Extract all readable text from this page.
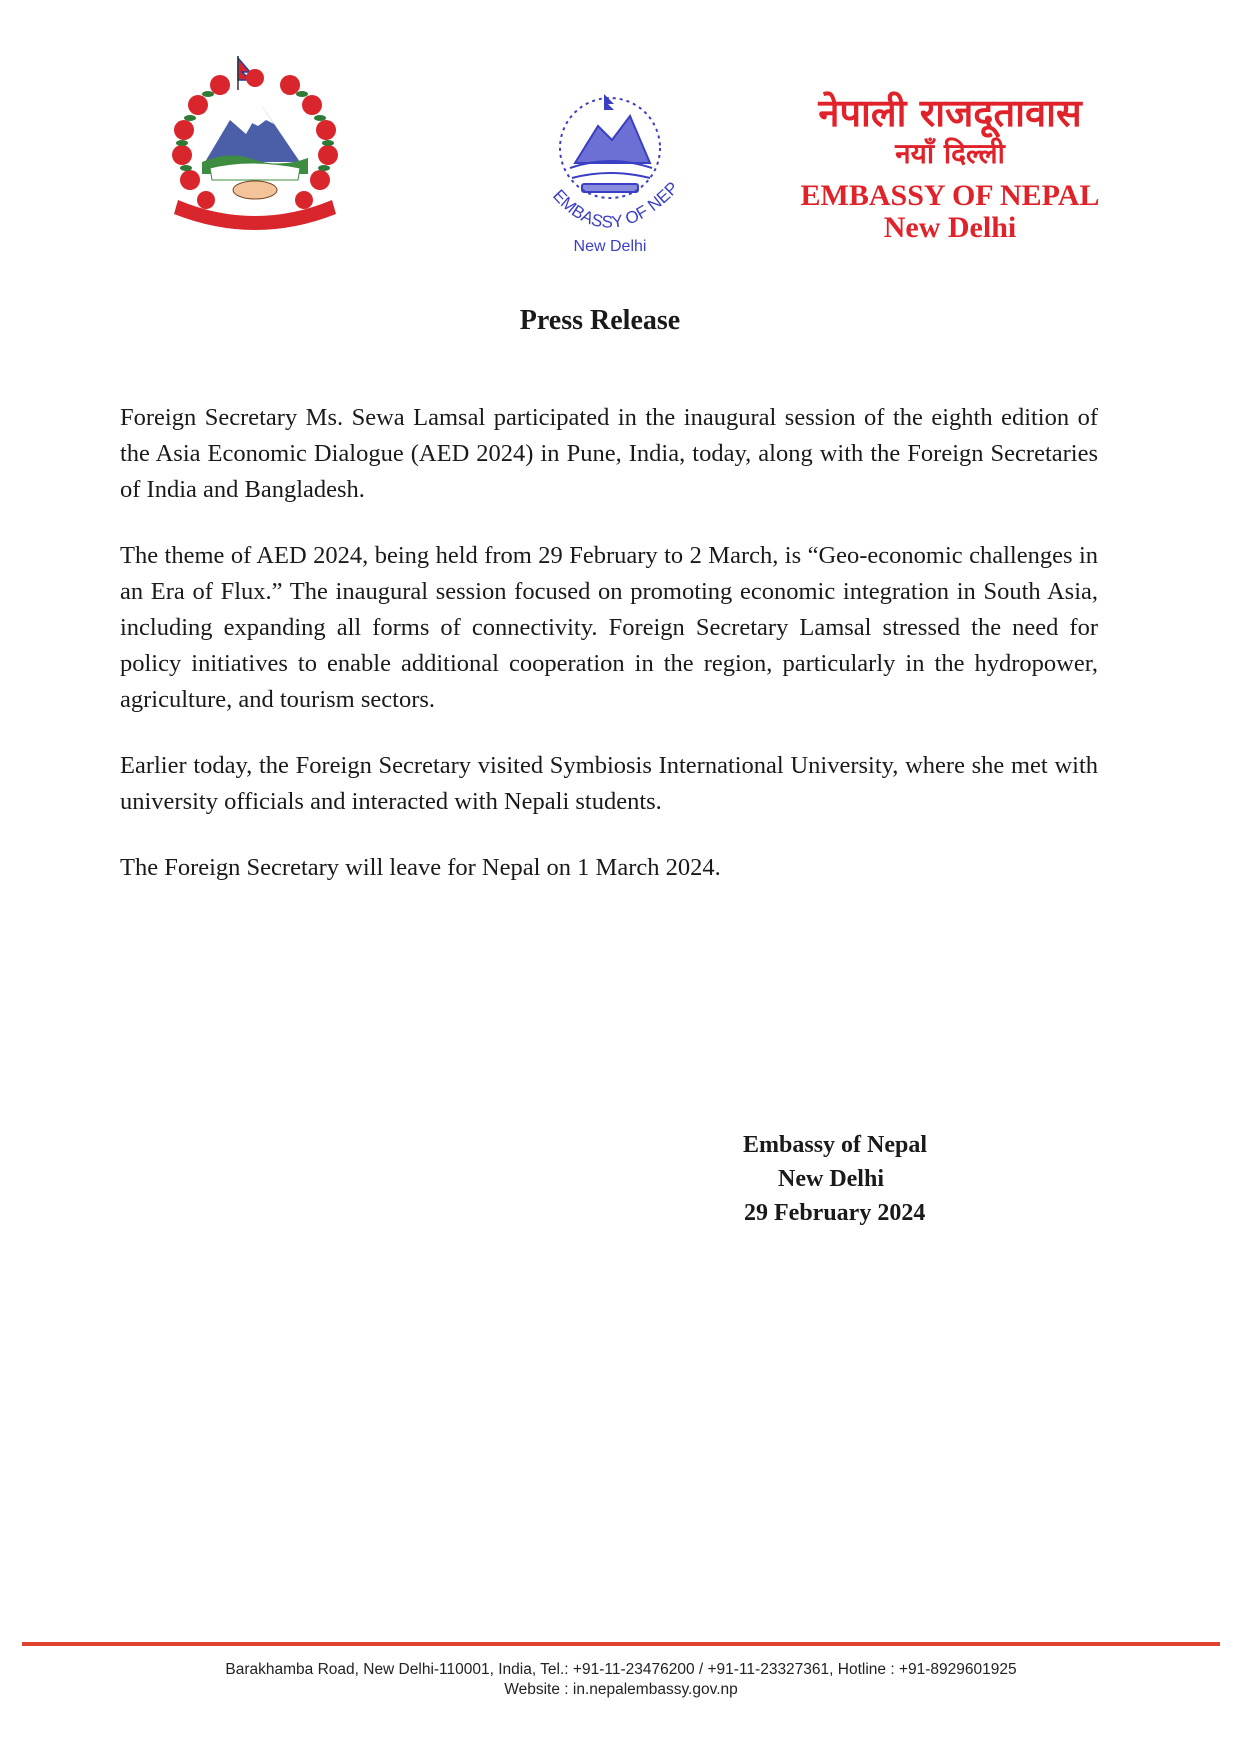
EMBASSY OF NEP
New Delhi
नेपाली राजदूतावास
नयाँ दिल्ली
EMBASSY OF NEPAL
New Delhi
Press Release

Foreign Secretary Ms. Sewa Lamsal participated in the inaugural session of the eighth edition of the Asia Economic Dialogue (AED 2024) in Pune, India, today, along with the Foreign Secretaries of India and Bangladesh.

The theme of AED 2024, being held from 29 February to 2 March, is “Geo-economic challenges in an Era of Flux.” The inaugural session focused on promoting economic integration in South Asia, including expanding all forms of connectivity. Foreign Secretary Lamsal stressed the need for policy initiatives to enable additional cooperation in the region, particularly in the hydropower, agriculture, and tourism sectors.

Earlier today, the Foreign Secretary visited Symbiosis International University, where she met with university officials and interacted with Nepali students.

The Foreign Secretary will leave for Nepal on 1 March 2024.

Embassy of Nepal
New Delhi
29 February 2024
Barakhamba Road, New Delhi-110001, India, Tel.: +91-11-23476200 / +91-11-23327361, Hotline : +91-8929601925
Website : in.nepalembassy.gov.np
